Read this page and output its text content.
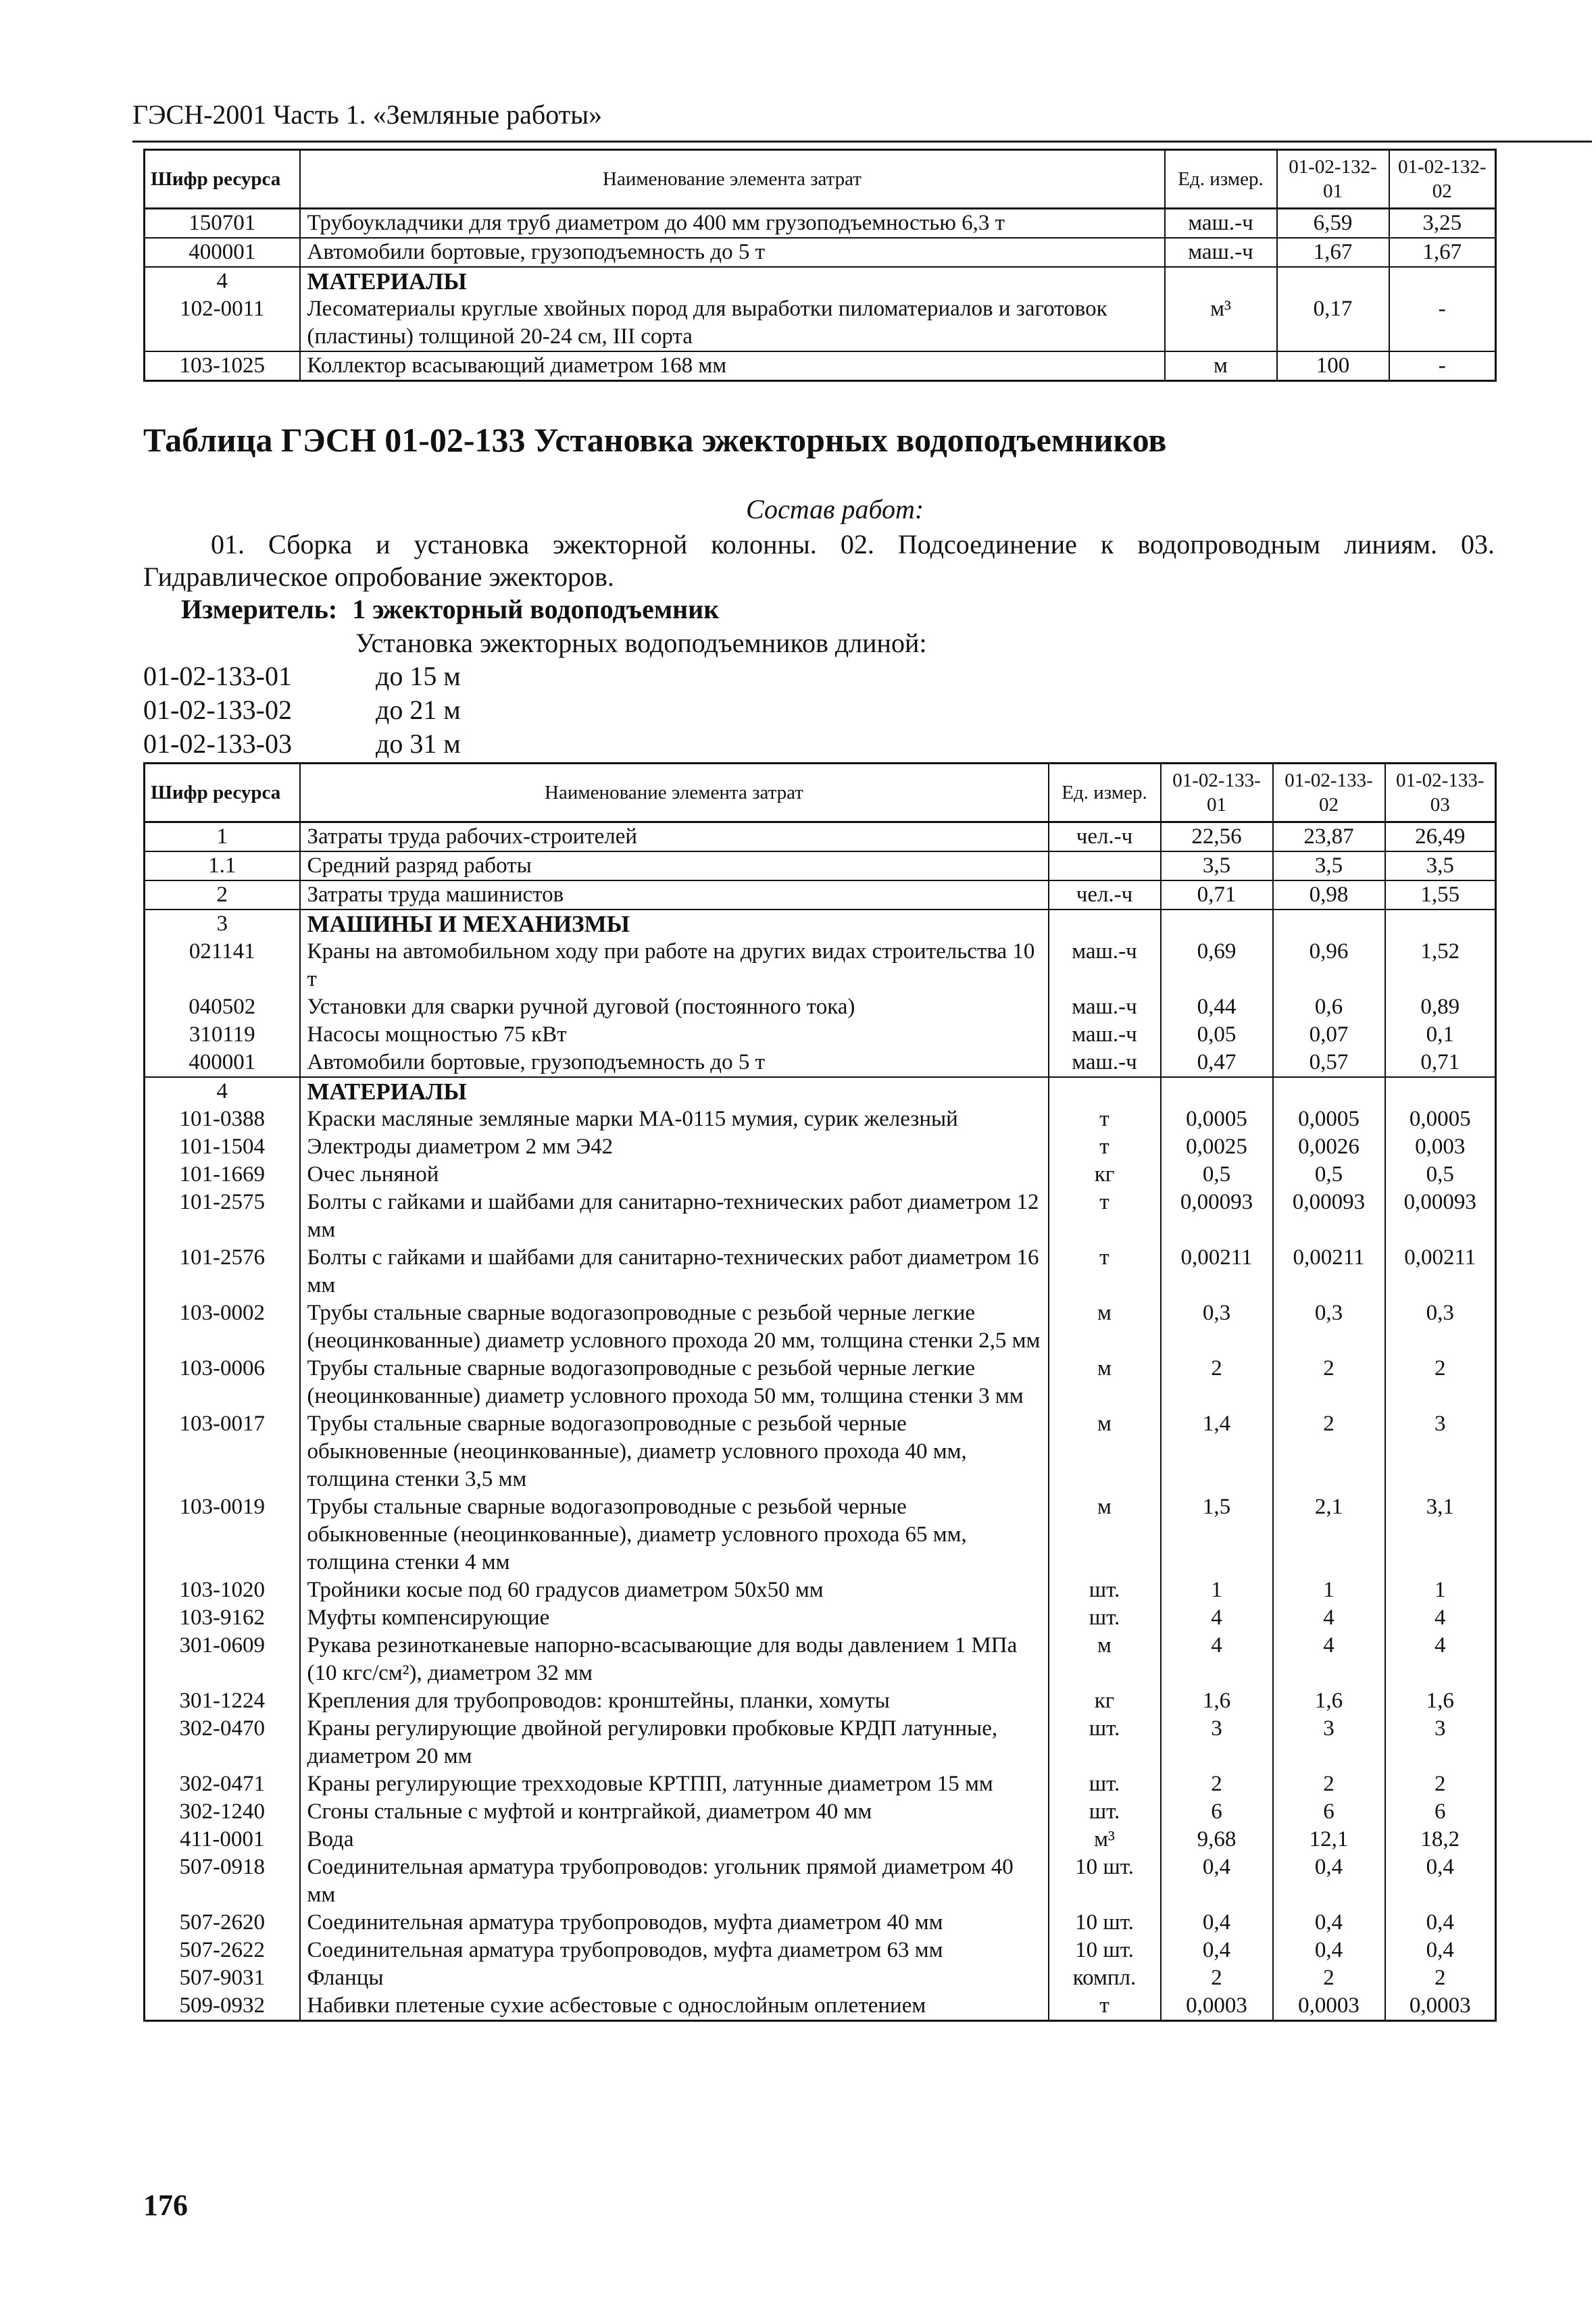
ГЭСН-2001 Часть 1. «Земляные работы»
Шифр ресурса	Наименование элемента затрат	Ед. измер.	01-02-132-01	01-02-132-02
150701	Трубоукладчики для труб диаметром до 400 мм грузоподъемностью 6,3 т	маш.-ч	6,59	3,25
400001	Автомобили бортовые, грузоподъемность до 5 т	маш.-ч	1,67	1,67
4	МАТЕРИАЛЫ			
102-0011	Лесоматериалы круглые хвойных пород для выработки пиломатериалов и заготовок (пластины) толщиной 20-24 см, III сорта	м³	0,17	-
103-1025	Коллектор всасывающий диаметром 168 мм	м	100	-
Таблица ГЭСН 01-02-133 Установка эжекторных водоподъемников
Состав работ:
01. Сборка и установка эжекторной колонны. 02. Подсоединение к водопроводным линиям. 03. Гидравлическое опробование эжекторов.
Измеритель: 1 эжекторный водоподъемник
Установка эжекторных водоподъемников длиной:
01-02-133-01	до 15 м
01-02-133-02	до 21 м
01-02-133-03	до 31 м
Шифр ресурса	Наименование элемента затрат	Ед. измер.	01-02-133-01	01-02-133-02	01-02-133-03
1	Затраты труда рабочих-строителей	чел.-ч	22,56	23,87	26,49
1.1	Средний разряд работы		3,5	3,5	3,5
2	Затраты труда машинистов	чел.-ч	0,71	0,98	1,55
3	МАШИНЫ И МЕХАНИЗМЫ				
021141	Краны на автомобильном ходу при работе на других видах строительства 10 т	маш.-ч	0,69	0,96	1,52
040502	Установки для сварки ручной дуговой (постоянного тока)	маш.-ч	0,44	0,6	0,89
310119	Насосы мощностью 75 кВт	маш.-ч	0,05	0,07	0,1
400001	Автомобили бортовые, грузоподъемность до 5 т	маш.-ч	0,47	0,57	0,71
4	МАТЕРИАЛЫ				
101-0388	Краски масляные земляные марки МА-0115 мумия, сурик железный	т	0,0005	0,0005	0,0005
101-1504	Электроды диаметром 2 мм Э42	т	0,0025	0,0026	0,003
101-1669	Очес льняной	кг	0,5	0,5	0,5
101-2575	Болты с гайками и шайбами для санитарно-технических работ диаметром 12 мм	т	0,00093	0,00093	0,00093
101-2576	Болты с гайками и шайбами для санитарно-технических работ диаметром 16 мм	т	0,00211	0,00211	0,00211
103-0002	Трубы стальные сварные водогазопроводные с резьбой черные легкие (неоцинкованные) диаметр условного прохода 20 мм, толщина стенки 2,5 мм	м	0,3	0,3	0,3
103-0006	Трубы стальные сварные водогазопроводные с резьбой черные легкие (неоцинкованные) диаметр условного прохода 50 мм, толщина стенки 3 мм	м	2	2	2
103-0017	Трубы стальные сварные водогазопроводные с резьбой черные обыкновенные (неоцинкованные), диаметр условного прохода 40 мм, толщина стенки 3,5 мм	м	1,4	2	3
103-0019	Трубы стальные сварные водогазопроводные с резьбой черные обыкновенные (неоцинкованные), диаметр условного прохода 65 мм, толщина стенки 4 мм	м	1,5	2,1	3,1
103-1020	Тройники косые под 60 градусов диаметром 50x50 мм	шт.	1	1	1
103-9162	Муфты компенсирующие	шт.	4	4	4
301-0609	Рукава резинотканевые напорно-всасывающие для воды давлением 1 МПа (10 кгс/см²), диаметром 32 мм	м	4	4	4
301-1224	Крепления для трубопроводов: кронштейны, планки, хомуты	кг	1,6	1,6	1,6
302-0470	Краны регулирующие двойной регулировки пробковые КРДП латунные, диаметром 20 мм	шт.	3	3	3
302-0471	Краны регулирующие трехходовые КРТПП, латунные диаметром 15 мм	шт.	2	2	2
302-1240	Сгоны стальные с муфтой и контргайкой, диаметром 40 мм	шт.	6	6	6
411-0001	Вода	м³	9,68	12,1	18,2
507-0918	Соединительная арматура трубопроводов: угольник прямой диаметром 40 мм	10 шт.	0,4	0,4	0,4
507-2620	Соединительная арматура трубопроводов, муфта диаметром 40 мм	10 шт.	0,4	0,4	0,4
507-2622	Соединительная арматура трубопроводов, муфта диаметром 63 мм	10 шт.	0,4	0,4	0,4
507-9031	Фланцы	компл.	2	2	2
509-0932	Набивки плетеные сухие асбестовые с однослойным оплетением	т	0,0003	0,0003	0,0003
176
